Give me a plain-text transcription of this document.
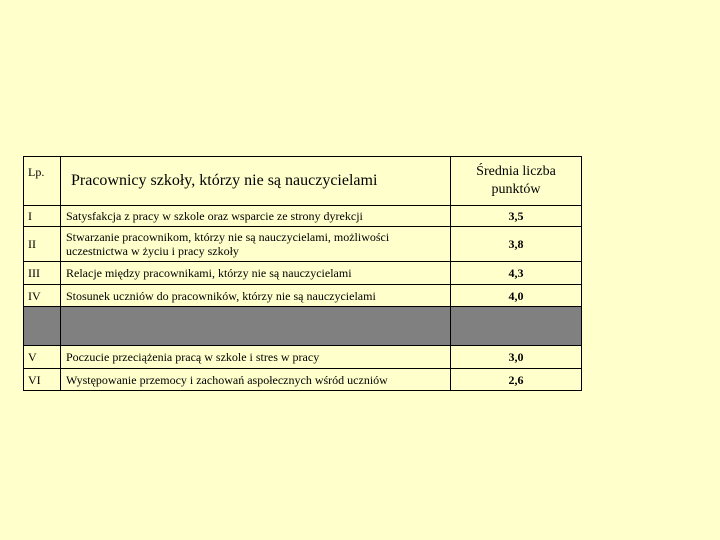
Lp.	Pracownicy szkoły, którzy nie są nauczycielami	Średnia liczba
punktów
I	Satysfakcja z pracy w szkole oraz wsparcie ze strony dyrekcji	3,5
II	Stwarzanie pracownikom, którzy nie są nauczycielami, możliwości uczestnictwa w życiu i pracy szkoły	3,8
III	Relacje między pracownikami, którzy nie są nauczycielami	4,3
IV	Stosunek uczniów do pracowników, którzy nie są nauczycielami	4,0

V	Poczucie przeciążenia pracą w szkole i stres w pracy	3,0
VI	Występowanie przemocy i zachowań aspołecznych wśród uczniów	2,6
